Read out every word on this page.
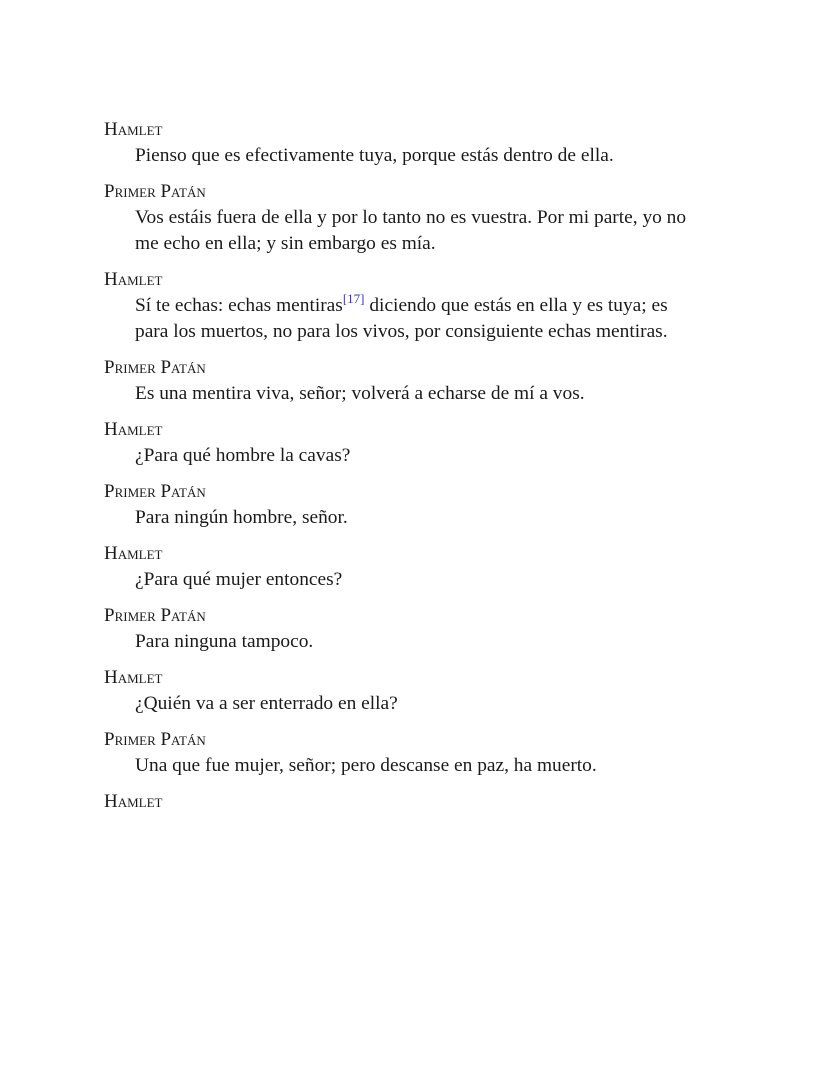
Hamlet
Pienso que es efectivamente tuya, porque estás dentro de ella.
Primer Patán
Vos estáis fuera de ella y por lo tanto no es vuestra. Por mi parte, yo no
me echo en ella; y sin embargo es mía.
Hamlet
Sí te echas: echas mentiras[17] diciendo que estás en ella y es tuya; es
para los muertos, no para los vivos, por consiguiente echas mentiras.
Primer Patán
Es una mentira viva, señor; volverá a echarse de mí a vos.
Hamlet
¿Para qué hombre la cavas?
Primer Patán
Para ningún hombre, señor.
Hamlet
¿Para qué mujer entonces?
Primer Patán
Para ninguna tampoco.
Hamlet
¿Quién va a ser enterrado en ella?
Primer Patán
Una que fue mujer, señor; pero descanse en paz, ha muerto.
Hamlet
